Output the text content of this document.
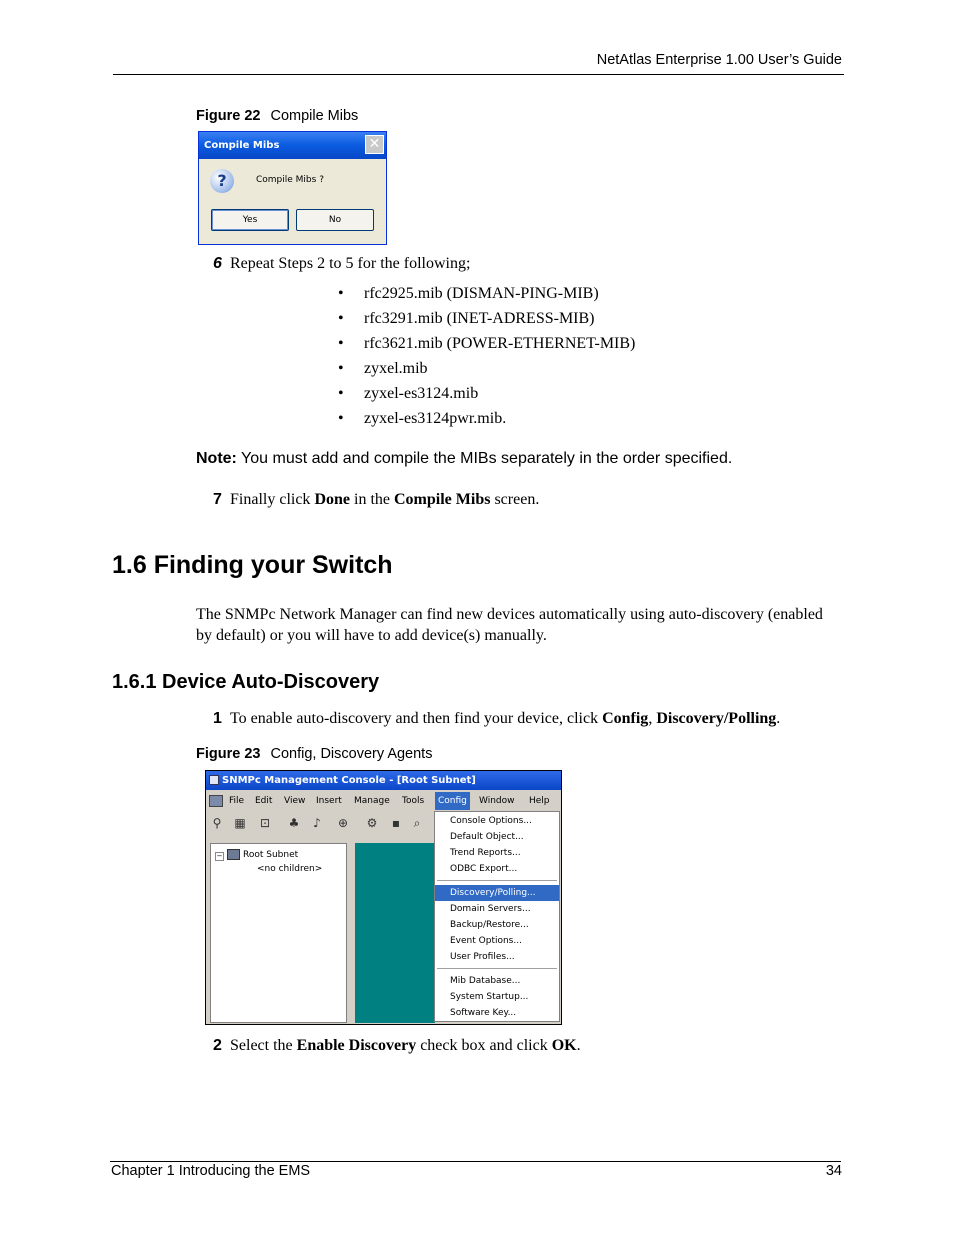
NetAtlas Enterprise 1.00 User’s Guide
Figure 22 Compile Mibs
Compile Mibs	✕
?	Compile Mibs ?
Yes	No
6 Repeat Steps 2 to 5 for the following;
• rfc2925.mib (DISMAN-PING-MIB)
• rfc3291.mib (INET-ADRESS-MIB)
• rfc3621.mib (POWER-ETHERNET-MIB)
• zyxel.mib
• zyxel-es3124.mib
• zyxel-es3124pwr.mib.
Note: You must add and compile the MIBs separately in the order specified.
7 Finally click Done in the Compile Mibs screen.
1.6 Finding your Switch
The SNMPc Network Manager can find new devices automatically using auto-discovery (enabled by default) or you will have to add device(s) manually.
1.6.1 Device Auto-Discovery
1 To enable auto-discovery and then find your device, click Config, Discovery/Polling.
Figure 23 Config, Discovery Agents
SNMPc Management Console - [Root Subnet]
File Edit View Insert Manage Tools	Config	Window Help
⚲	▦	⊡	♣	♪	⊕	⚙	▪	⌕
− Root Subnet
<no children>
Console Options...
Default Object...
Trend Reports...
ODBC Export...
Discovery/Polling...
Domain Servers...
Backup/Restore...
Event Options...
User Profiles...
Mib Database...
System Startup...
Software Key...
2 Select the Enable Discovery check box and click OK.
Chapter 1 Introducing the EMS	34
